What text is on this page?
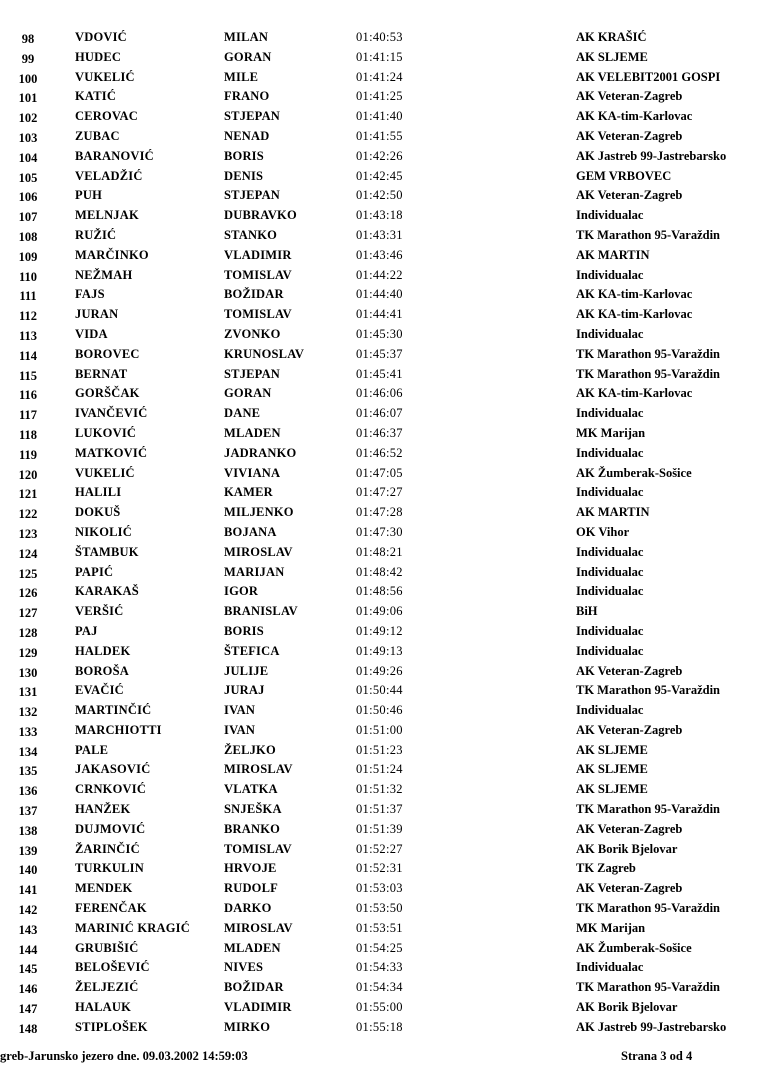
98	VDOVIĆ	MILAN	01:40:53	AK KRAŠIĆ
99	HUDEC	GORAN	01:41:15	AK SLJEME
100	VUKELIĆ	MILE	01:41:24	AK VELEBIT2001 GOSPI
101	KATIĆ	FRANO	01:41:25	AK Veteran-Zagreb
102	CEROVAC	STJEPAN	01:41:40	AK KA-tim-Karlovac
103	ZUBAC	NENAD	01:41:55	AK Veteran-Zagreb
104	BARANOVIĆ	BORIS	01:42:26	AK Jastreb 99-Jastrebarsko
105	VELADŽIĆ	DENIS	01:42:45	GEM VRBOVEC
106	PUH	STJEPAN	01:42:50	AK Veteran-Zagreb
107	MELNJAK	DUBRAVKO	01:43:18	Individualac
108	RUŽIĆ	STANKO	01:43:31	TK Marathon 95-Varaždin
109	MARČINKO	VLADIMIR	01:43:46	AK MARTIN
110	NEŽMAH	TOMISLAV	01:44:22	Individualac
111	FAJS	BOŽIDAR	01:44:40	AK KA-tim-Karlovac
112	JURAN	TOMISLAV	01:44:41	AK KA-tim-Karlovac
113	VIDA	ZVONKO	01:45:30	Individualac
114	BOROVEC	KRUNOSLAV	01:45:37	TK Marathon 95-Varaždin
115	BERNAT	STJEPAN	01:45:41	TK Marathon 95-Varaždin
116	GORŠČAK	GORAN	01:46:06	AK KA-tim-Karlovac
117	IVANČEVIĆ	DANE	01:46:07	Individualac
118	LUKOVIĆ	MLADEN	01:46:37	MK Marijan
119	MATKOVIĆ	JADRANKO	01:46:52	Individualac
120	VUKELIĆ	VIVIANA	01:47:05	AK Žumberak-Sošice
121	HALILI	KAMER	01:47:27	Individualac
122	DOKUŠ	MILJENKO	01:47:28	AK MARTIN
123	NIKOLIĆ	BOJANA	01:47:30	OK Vihor
124	ŠTAMBUK	MIROSLAV	01:48:21	Individualac
125	PAPIĆ	MARIJAN	01:48:42	Individualac
126	KARAKAŠ	IGOR	01:48:56	Individualac
127	VERŠIĆ	BRANISLAV	01:49:06	BiH
128	PAJ	BORIS	01:49:12	Individualac
129	HALDEK	ŠTEFICA	01:49:13	Individualac
130	BOROŠA	JULIJE	01:49:26	AK Veteran-Zagreb
131	EVAČIĆ	JURAJ	01:50:44	TK Marathon 95-Varaždin
132	MARTINČIĆ	IVAN	01:50:46	Individualac
133	MARCHIOTTI	IVAN	01:51:00	AK Veteran-Zagreb
134	PALE	ŽELJKO	01:51:23	AK SLJEME
135	JAKASOVIĆ	MIROSLAV	01:51:24	AK SLJEME
136	CRNKOVIĆ	VLATKA	01:51:32	AK SLJEME
137	HANŽEK	SNJEŠKA	01:51:37	TK Marathon 95-Varaždin
138	DUJMOVIĆ	BRANKO	01:51:39	AK Veteran-Zagreb
139	ŽARINČIĆ	TOMISLAV	01:52:27	AK Borik Bjelovar
140	TURKULIN	HRVOJE	01:52:31	TK Zagreb
141	MENDEK	RUDOLF	01:53:03	AK Veteran-Zagreb
142	FERENČAK	DARKO	01:53:50	TK Marathon 95-Varaždin
143	MARINIĆ KRAGIĆ	MIROSLAV	01:53:51	MK Marijan
144	GRUBIŠIĆ	MLADEN	01:54:25	AK Žumberak-Sošice
145	BELOŠEVIĆ	NIVES	01:54:33	Individualac
146	ŽELJEZIĆ	BOŽIDAR	01:54:34	TK Marathon 95-Varaždin
147	HALAUK	VLADIMIR	01:55:00	AK Borik Bjelovar
148	STIPLOŠEK	MIRKO	01:55:18	AK Jastreb 99-Jastrebarsko
greb-Jarunsko jezero dne. 09.03.2002 14:59:03	Strana 3 od 4
